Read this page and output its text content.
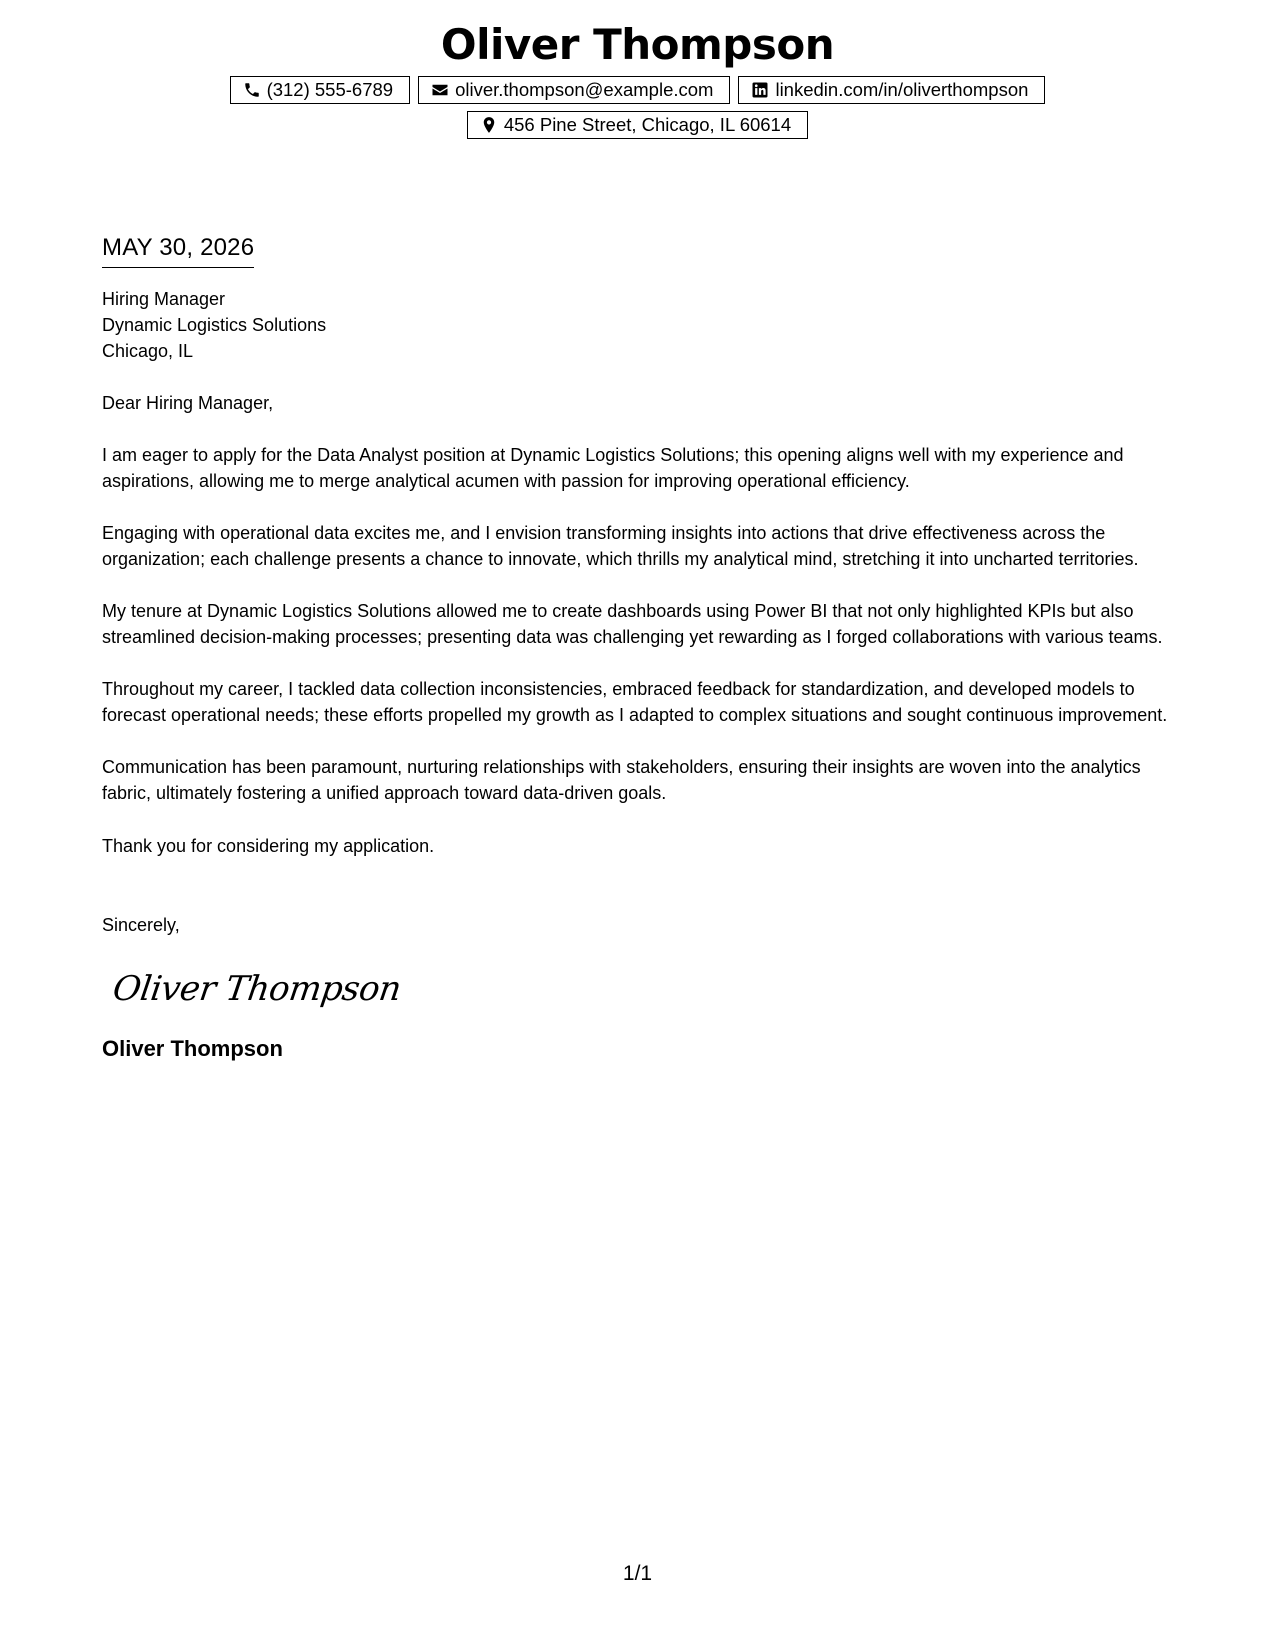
Oliver Thompson
(312) 555-6789	oliver.thompson@example.com	linkedin.com/in/oliverthompson
456 Pine Street, Chicago, IL 60614
MAY 30, 2026
Hiring Manager
Dynamic Logistics Solutions
Chicago, IL
Dear Hiring Manager,

I am eager to apply for the Data Analyst position at Dynamic Logistics Solutions; this opening aligns well with my experience and aspirations, allowing me to merge analytical acumen with passion for improving operational efficiency.

Engaging with operational data excites me, and I envision transforming insights into actions that drive effectiveness across the organization; each challenge presents a chance to innovate, which thrills my analytical mind, stretching it into uncharted territories.

My tenure at Dynamic Logistics Solutions allowed me to create dashboards using Power BI that not only highlighted KPIs but also streamlined decision-making processes; presenting data was challenging yet rewarding as I forged collaborations with various teams.

Throughout my career, I tackled data collection inconsistencies, embraced feedback for standardization, and developed models to forecast operational needs; these efforts propelled my growth as I adapted to complex situations and sought continuous improvement.

Communication has been paramount, nurturing relationships with stakeholders, ensuring their insights are woven into the analytics fabric, ultimately fostering a unified approach toward data-driven goals.

Thank you for considering my application.
Sincerely,
Oliver Thompson
Oliver Thompson
1/1
